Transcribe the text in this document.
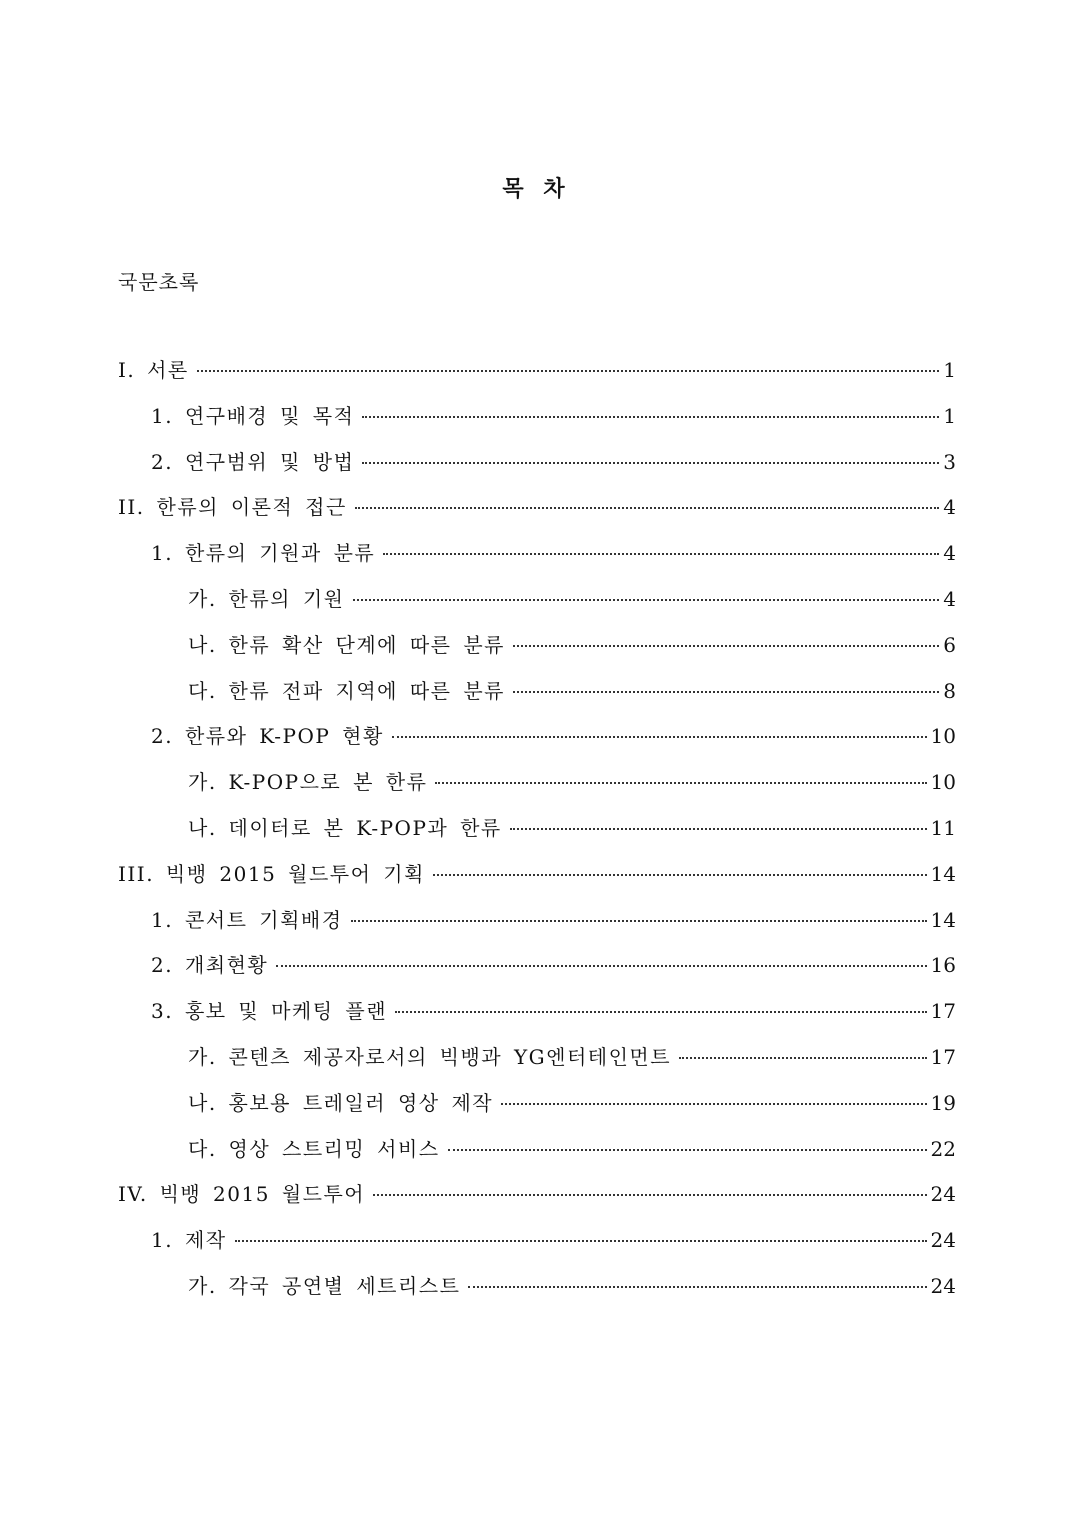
목 차
국문초록
I. 서론	1
1. 연구배경 및 목적	1
2. 연구범위 및 방법	3
II. 한류의 이론적 접근	4
1. 한류의 기원과 분류	4
가. 한류의 기원	4
나. 한류 확산 단계에 따른 분류	6
다. 한류 전파 지역에 따른 분류	8
2. 한류와 K-POP 현황	10
가. K-POP으로 본 한류	10
나. 데이터로 본 K-POP과 한류	11
III. 빅뱅 2015 월드투어 기획	14
1. 콘서트 기획배경	14
2. 개최현황	16
3. 홍보 및 마케팅 플랜	17
가. 콘텐츠 제공자로서의 빅뱅과 YG엔터테인먼트	17
나. 홍보용 트레일러 영상 제작	19
다. 영상 스트리밍 서비스	22
IV. 빅뱅 2015 월드투어	24
1. 제작	24
가. 각국 공연별 세트리스트	24
